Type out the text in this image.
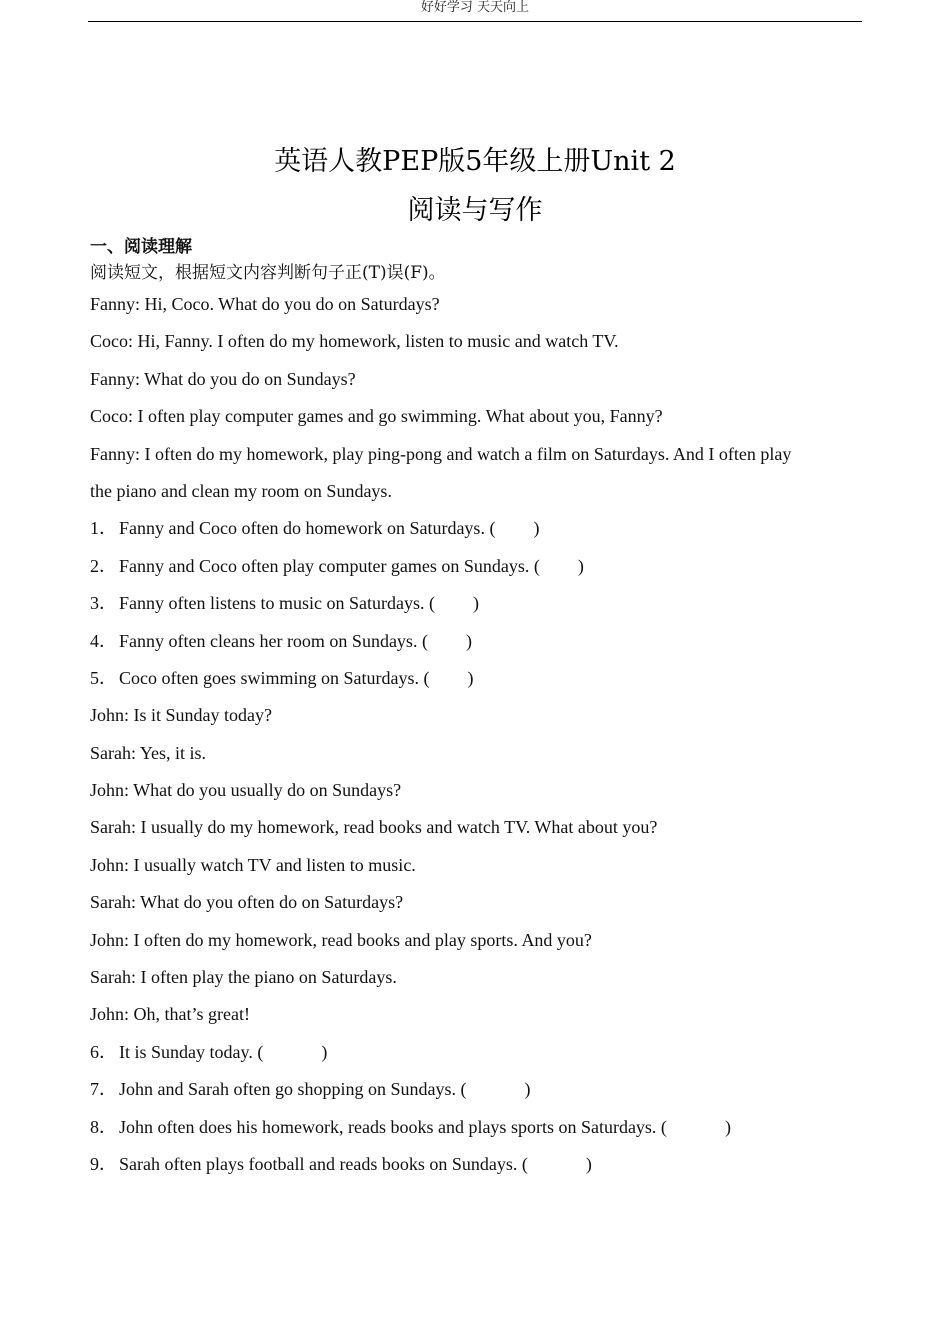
好好学习 天天向上
英语人教PEP版5年级上册Unit 2
阅读与写作
一、阅读理解
阅读短文，根据短文内容判断句子正(T)误(F)。
Fanny: Hi, Coco. What do you do on Saturdays?
Coco: Hi, Fanny. I often do my homework, listen to music and watch TV.
Fanny: What do you do on Sundays?
Coco: I often play computer games and go swimming. What about you, Fanny?
Fanny: I often do my homework, play ping-pong and watch a film on Saturdays. And I often play
the piano and clean my room on Sundays.
1． Fanny and Coco often do homework on Saturdays. ( )
2． Fanny and Coco often play computer games on Sundays. ( )
3． Fanny often listens to music on Saturdays. ( )
4． Fanny often cleans her room on Sundays. ( )
5． Coco often goes swimming on Saturdays. ( )
John: Is it Sunday today?
Sarah: Yes, it is.
John: What do you usually do on Sundays?
Sarah: I usually do my homework, read books and watch TV. What about you?
John: I usually watch TV and listen to music.
Sarah: What do you often do on Saturdays?
John: I often do my homework, read books and play sports. And you?
Sarah: I often play the piano on Saturdays.
John: Oh, that’s great!
6． It is Sunday today. (	)
7． John and Sarah often go shopping on Sundays. (	)
8． John often does his homework, reads books and plays sports on Saturdays. (	)
9． Sarah often plays football and reads books on Sundays. (	)
